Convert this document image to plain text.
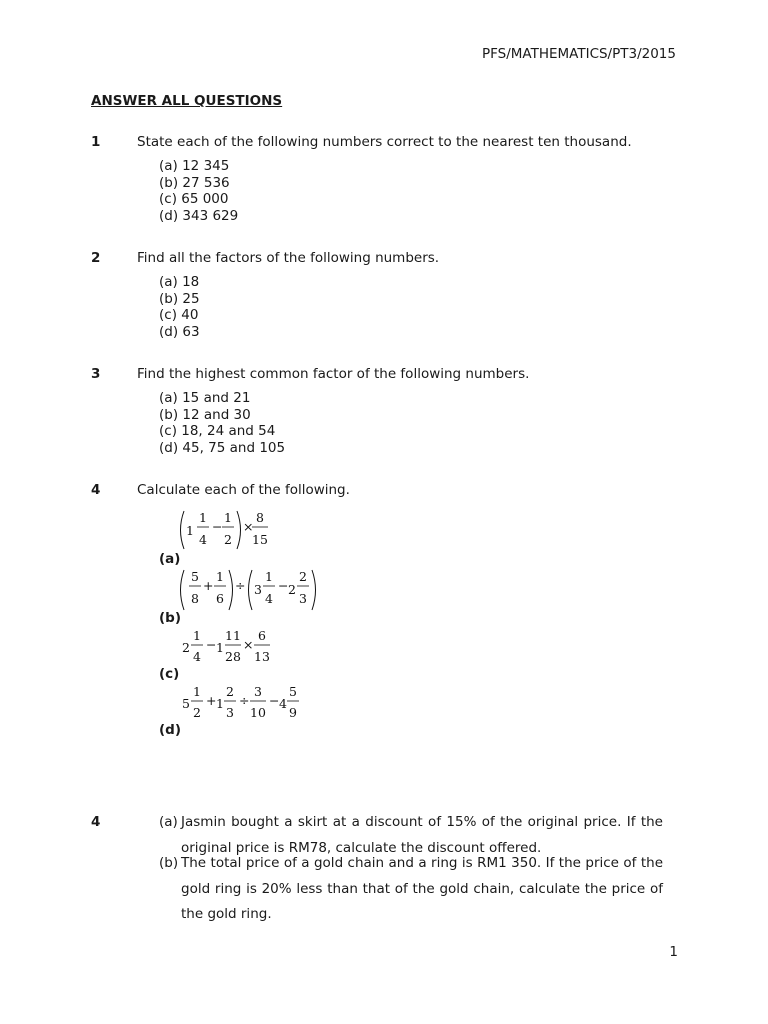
PFS/MATHEMATICS/PT3/2015
ANSWER ALL QUESTIONS
1	State each of the following numbers correct to the nearest ten thousand.
(a) 12 345
(b) 27 536
(c) 65 000
(d) 343 629
2	Find all the factors of the following numbers.
(a) 18
(b) 25
(c) 40
(d) 63
3	Find the highest common factor of the following numbers.
(a) 15 and 21
(b) 12 and 30
(c) 18, 24 and 54
(d) 45, 75 and 105
4	Calculate each of the following.
1
1
4
−
1
2
×
8
15
(a)
5
8
+
1
6
÷ 3
1
4
− 2
2
3
(b)
2
1
4
− 1
11
28
×
6
13
(c)
5
1
2
+ 1
2
3
÷
3
10
− 4
5
9
(d)
4	(a) Jasmin bought a skirt at a discount of 15% of the original price. If the original price is RM78, calculate the discount offered.
(b) The total price of a gold chain and a ring is RM1 350. If the price of the gold ring is 20% less than that of the gold chain, calculate the price of the gold ring.
1
